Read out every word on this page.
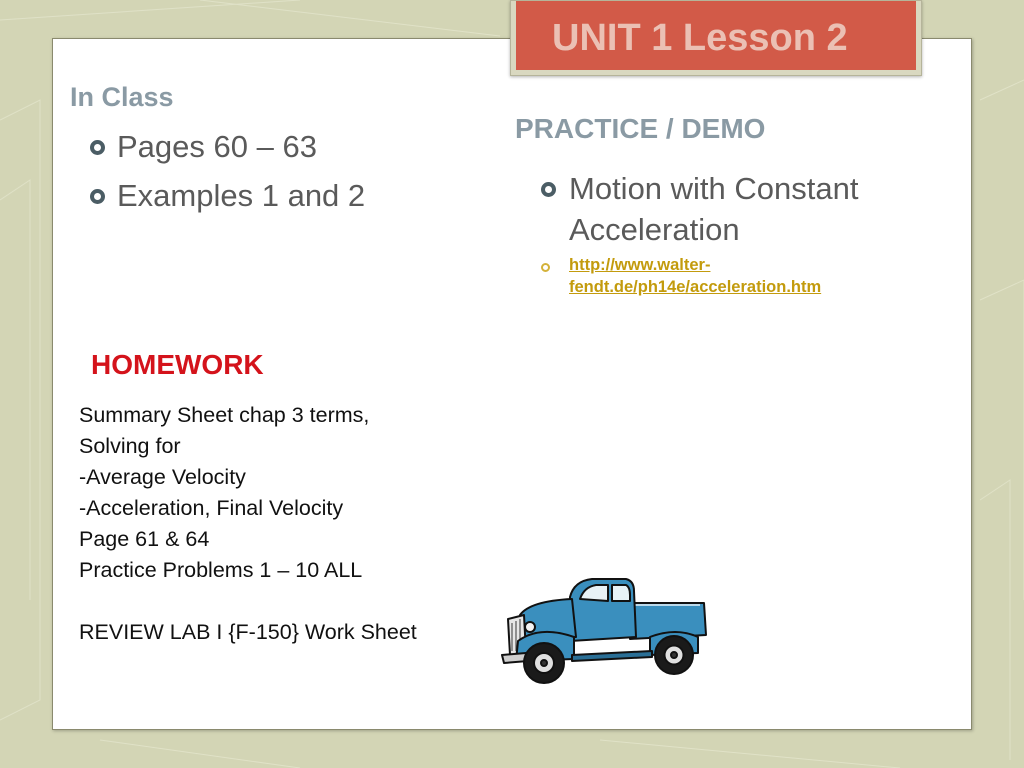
UNIT 1 Lesson 2
In Class
Pages 60 – 63
Examples 1 and 2
PRACTICE / DEMO
Motion with Constant
Acceleration
http://www.walter-
fendt.de/ph14e/acceleration.htm
HOMEWORK
Summary Sheet chap 3 terms,
Solving for
-Average Velocity
-Acceleration, Final Velocity
Page 61 & 64
Practice Problems 1 – 10 ALL
REVIEW LAB I {F-150} Work Sheet
